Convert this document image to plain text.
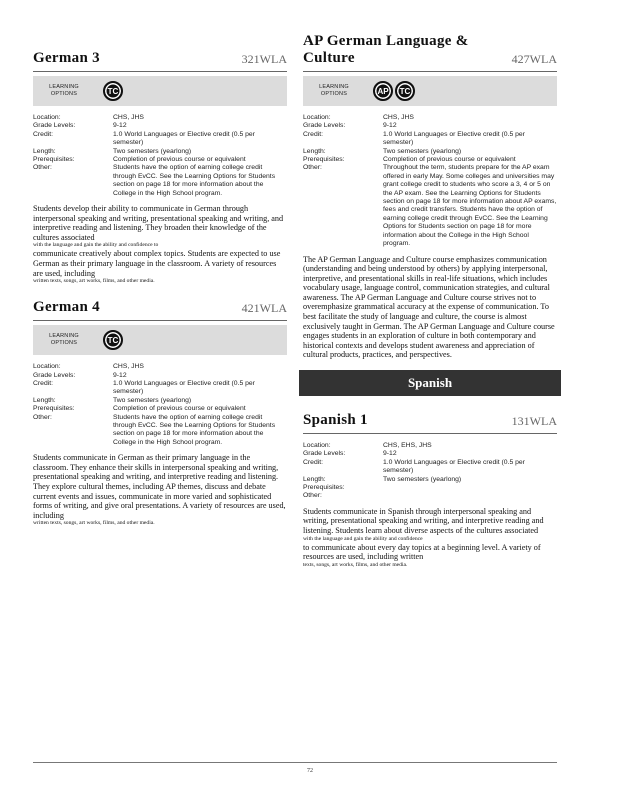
German 3	321WLA
LEARNING OPTIONS	TC
Location:	CHS, JHS
Grade Levels:	9-12
Credit:	1.0 World Languages or Elective credit (0.5 per semester)
Length:	Two semesters (yearlong)
Prerequisites:	Completion of previous course or equivalent
Other:	Students have the option of earning college credit through EvCC. See the Learning Options for Students section on page 18 for more information about the College in the High School program.

Students develop their ability to communicate in German through interpersonal speaking and writing, presentational speaking and writing, and interpretive reading and listening. They broaden their knowledge of the cultures associated
with the language and gain the ability and confidence to
communicate creatively about complex topics. Students are expected to use German as their primary language in the classroom. A variety of resources are used, including
written texts, songs, art works, films, and other media.

German 4	421WLA
LEARNING OPTIONS	TC
Location:	CHS, JHS
Grade Levels:	9-12
Credit:	1.0 World Languages or Elective credit (0.5 per semester)
Length:	Two semesters (yearlong)
Prerequisites:	Completion of previous course or equivalent
Other:	Students have the option of earning college credit through EvCC. See the Learning Options for Students section on page 18 for more information about the College in the High School program.

Students communicate in German as their primary language in the classroom. They enhance their skills in interpersonal speaking and writing, presentational speaking and writing, and interpretive reading and listening. They explore cultural themes, including AP themes, discuss and debate current events and issues, communicate in more varied and sophisticated forms of writing, and give oral presentations. A variety of resources are used, including
written texts, songs, art works, films, and other media.

AP German Language & Culture	427WLA
LEARNING OPTIONS	AP	TC
Location:	CHS, JHS
Grade Levels:	9-12
Credit:	1.0 World Languages or Elective credit (0.5 per semester)
Length:	Two semesters (yearlong)
Prerequisites:	Completion of previous course or equivalent
Other:	Throughout the term, students prepare for the AP exam offered in early May. Some colleges and universities may grant college credit to students who score a 3, 4 or 5 on the AP exam. See the Learning Options for Students section on page 18 for more information about AP exams, fees and credit transfers. Students have the option of earning college credit through EvCC. See the Learning Options for Students section on page 18 for more information about the College in the High School program.

The AP German Language and Culture course emphasizes communication (understanding and being understood by others) by applying interpersonal, interpretive, and presentational skills in real-life situations, which includes vocabulary usage, language control, communication strategies, and cultural awareness. The AP German Language and Culture course strives not to overemphasize grammatical accuracy at the expense of communication. To best facilitate the study of language and culture, the course is almost exclusively taught in German. The AP German Language and Culture course engages students in an exploration of culture in both contemporary and historical contexts and develops student awareness and appreciation of cultural products, practices, and perspectives.

Spanish
Spanish 1	131WLA
Location:	CHS, EHS, JHS
Grade Levels:	9-12
Credit:	1.0 World Languages or Elective credit (0.5 per semester)
Length:	Two semesters (yearlong)
Prerequisites:
Other:

Students communicate in Spanish through interpersonal speaking and writing, presentational speaking and writing, and interpretive reading and listening. Students learn about diverse aspects of the cultures associated
with the language and gain the ability and confidence
to communicate about every day topics at a beginning level. A variety of resources are used, including written
texts, songs, art works, films, and other media.

72
